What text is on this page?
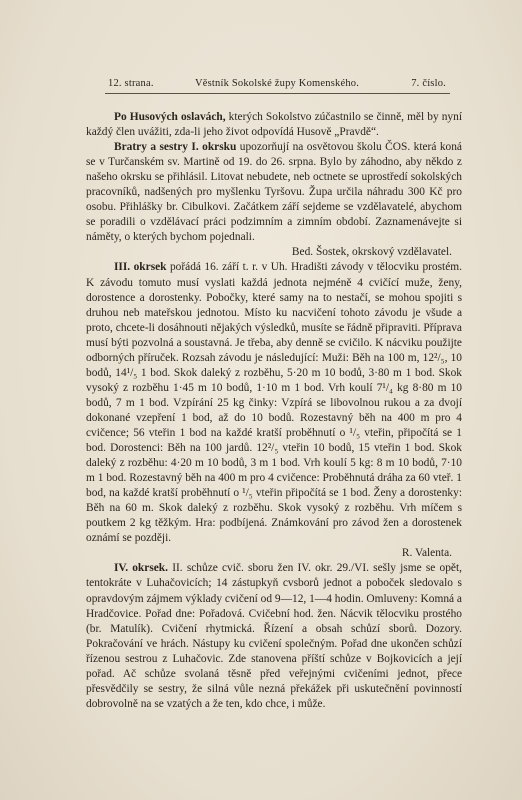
12. strana.	Věstník Sokolské župy Komenského.	7. číslo.

Po Husových oslavách, kterých Sokolstvo zúčastnilo se činně, měl by nyní každý člen uvážiti, zda-li jeho život odpovídá Husově „Pravdě“.

Bratry a sestry I. okrsku upozorňují na osvětovou školu ČOS. která koná se v Turčanském sv. Martině od 19. do 26. srpna. Bylo by záhodno, aby někdo z našeho okrsku se přihlásil. Litovat nebudete, neb octnete se uprostředí sokolských pracovníků, nadšených pro myšlenku Tyršovu. Župa určila náhradu 300 Kč pro osobu. Přihlášky br. Cibulkovi. Začátkem září sejdeme se vzdělavatelé, abychom se poradili o vzdělávací práci podzimním a zimním období. Zaznamenávejte si náměty, o kterých bychom pojednali.

Bed. Šostek, okrskový vzdělavatel.

III. okrsek pořádá 16. září t. r. v Uh. Hradišti závody v tělocviku prostém. K závodu tomuto musí vyslati každá jednota nejméně 4 cvičící muže, ženy, dorostence a dorostenky. Pobočky, které samy na to nestačí, se mohou spojiti s druhou neb mateřskou jednotou. Místo ku nacvičení tohoto závodu je všude a proto, chcete-li dosáhnouti nějakých výsledků, musíte se řádně připraviti. Příprava musí býti pozvolná a soustavná. Je třeba, aby denně se cvičilo. K nácviku použijte odborných příruček. Rozsah závodu je následující: Muži: Běh na 100 m, 12²/₅, 10 bodů, 14¹/₅ 1 bod. Skok daleký z rozběhu, 5·20 m 10 bodů, 3·80 m 1 bod. Skok vysoký z rozběhu 1·45 m 10 bodů, 1·10 m 1 bod. Vrh koulí 7¹/₄ kg 8·80 m 10 bodů, 7 m 1 bod. Vzpírání 25 kg činky: Vzpírá se libovolnou rukou a za dvojí dokonané vzepření 1 bod, až do 10 bodů. Rozestavný běh na 400 m pro 4 cvičence; 56 vteřin 1 bod na každé kratší proběhnutí o ¹/₅ vteřin, připočítá se 1 bod. Dorostenci: Běh na 100 jardů. 12²/₅ vteřin 10 bodů, 15 vteřin 1 bod. Skok daleký z rozběhu: 4·20 m 10 bodů, 3 m 1 bod. Vrh koulí 5 kg: 8 m 10 bodů, 7·10 m 1 bod. Rozestavný běh na 400 m pro 4 cvičence: Proběhnutá dráha za 60 vteř. 1 bod, na každé kratší proběhnutí o ¹/₅ vteřin připočítá se 1 bod. Ženy a dorostenky: Běh na 60 m. Skok daleký z rozběhu. Skok vysoký z rozběhu. Vrh míčem s poutkem 2 kg těžkým. Hra: podbíjená. Známkování pro závod žen a dorostenek oznámí se později.

R. Valenta.

IV. okrsek. II. schůze cvič. sboru žen IV. okr. 29./VI. sešly jsme se opět, tentokráte v Luhačovicích; 14 zástupkyň cvsborů jednot a poboček sledovalo s opravdovým zájmem výklady cvičení od 9—12, 1—4 hodin. Omluveny: Komná a Hradčovice. Pořad dne: Pořadová. Cvičební hod. žen. Nácvik tělocviku prostého (br. Matulík). Cvičení rhytmická. Řízení a obsah schůzí sborů. Dozory. Pokračování ve hrách. Nástupy ku cvičení společným. Pořad dne ukončen schůzí řízenou sestrou z Luhačovic. Zde stanovena příští schůze v Bojkovicích a její pořad. Ač schůze svolaná těsně před veřejnými cvičeními jednot, přece přesvědčily se sestry, že silná vůle nezná překážek při uskutečnění povinností dobrovolně na se vzatých a že ten, kdo chce, i může.
